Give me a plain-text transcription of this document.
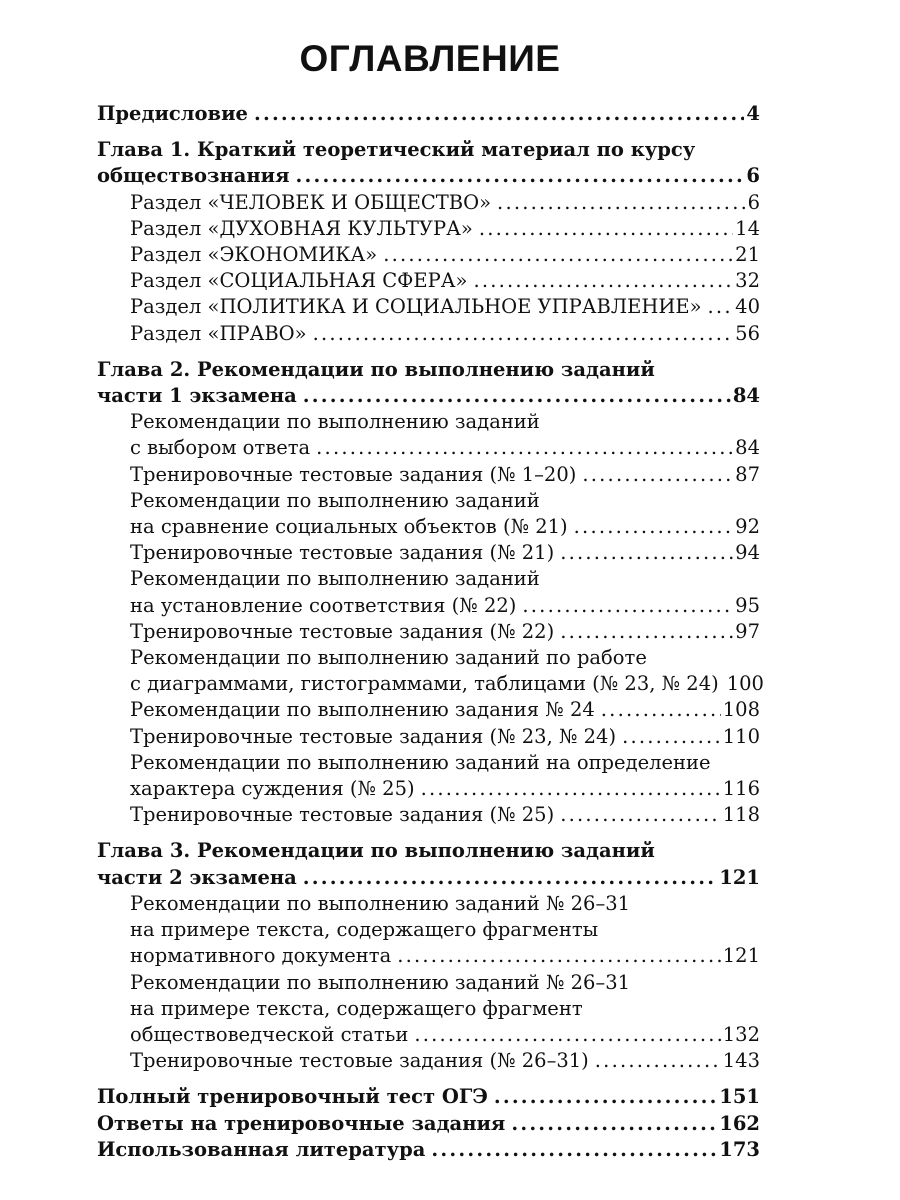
ОГЛАВЛЕНИЕ
Предисловие .....	4
Глава 1. Краткий теоретический материал по курсу
обществознания .....	6
Раздел «ЧЕЛОВЕК И ОБЩЕСТВО» .....	6
Раздел «ДУХОВНАЯ КУЛЬТУРА» .....	14
Раздел «ЭКОНОМИКА» .....	21
Раздел «СОЦИАЛЬНАЯ СФЕРА» .....	32
Раздел «ПОЛИТИКА И СОЦИАЛЬНОЕ УПРАВЛЕНИЕ» ..... 40
Раздел «ПРАВО» .....	56
Глава 2. Рекомендации по выполнению заданий
части 1 экзамена .....	84
Рекомендации по выполнению заданий
с выбором ответа .....	84
Тренировочные тестовые задания (№ 1–20) .....	87
Рекомендации по выполнению заданий
на сравнение социальных объектов (№ 21) .....	92
Тренировочные тестовые задания (№ 21) .....	94
Рекомендации по выполнению заданий
на установление соответствия (№ 22) .....	95
Тренировочные тестовые задания (№ 22) .....	97
Рекомендации по выполнению заданий по работе
с диаграммами, гистограммами, таблицами (№ 23, № 24) 100
Рекомендации по выполнению задания № 24 .....	108
Тренировочные тестовые задания (№ 23, № 24) .....	110
Рекомендации по выполнению заданий на определение
характера суждения (№ 25) .....	116
Тренировочные тестовые задания (№ 25) .....	118
Глава 3. Рекомендации по выполнению заданий
части 2 экзамена .....	121
Рекомендации по выполнению заданий № 26–31
на примере текста, содержащего фрагменты
нормативного документа .....	121
Рекомендации по выполнению заданий № 26–31
на примере текста, содержащего фрагмент
обществоведческой статьи .....	132
Тренировочные тестовые задания (№ 26–31) .....	143
Полный тренировочный тест ОГЭ .....	151
Ответы на тренировочные задания .....	162
Использованная литература .....	173
